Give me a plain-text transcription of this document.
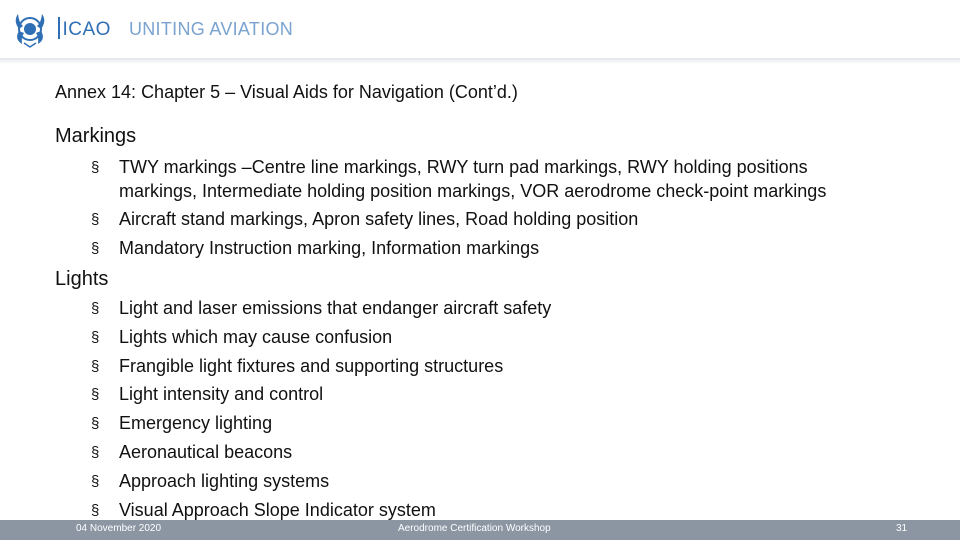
ICAO UNITING AVIATION
Annex 14: Chapter 5 – Visual Aids for Navigation (Cont’d.)
Markings
§ TWY markings –Centre line markings, RWY turn pad markings, RWY holding positions
markings, Intermediate holding position markings, VOR aerodrome check-point markings
§ Aircraft stand markings, Apron safety lines, Road holding position
§ Mandatory Instruction marking, Information markings
Lights
§ Light and laser emissions that endanger aircraft safety
§ Lights which may cause confusion
§ Frangible light fixtures and supporting structures
§ Light intensity and control
§ Emergency lighting
§ Aeronautical beacons
§ Approach lighting systems
§ Visual Approach Slope Indicator system
04 November 2020	Aerodrome Certification Workshop	31
